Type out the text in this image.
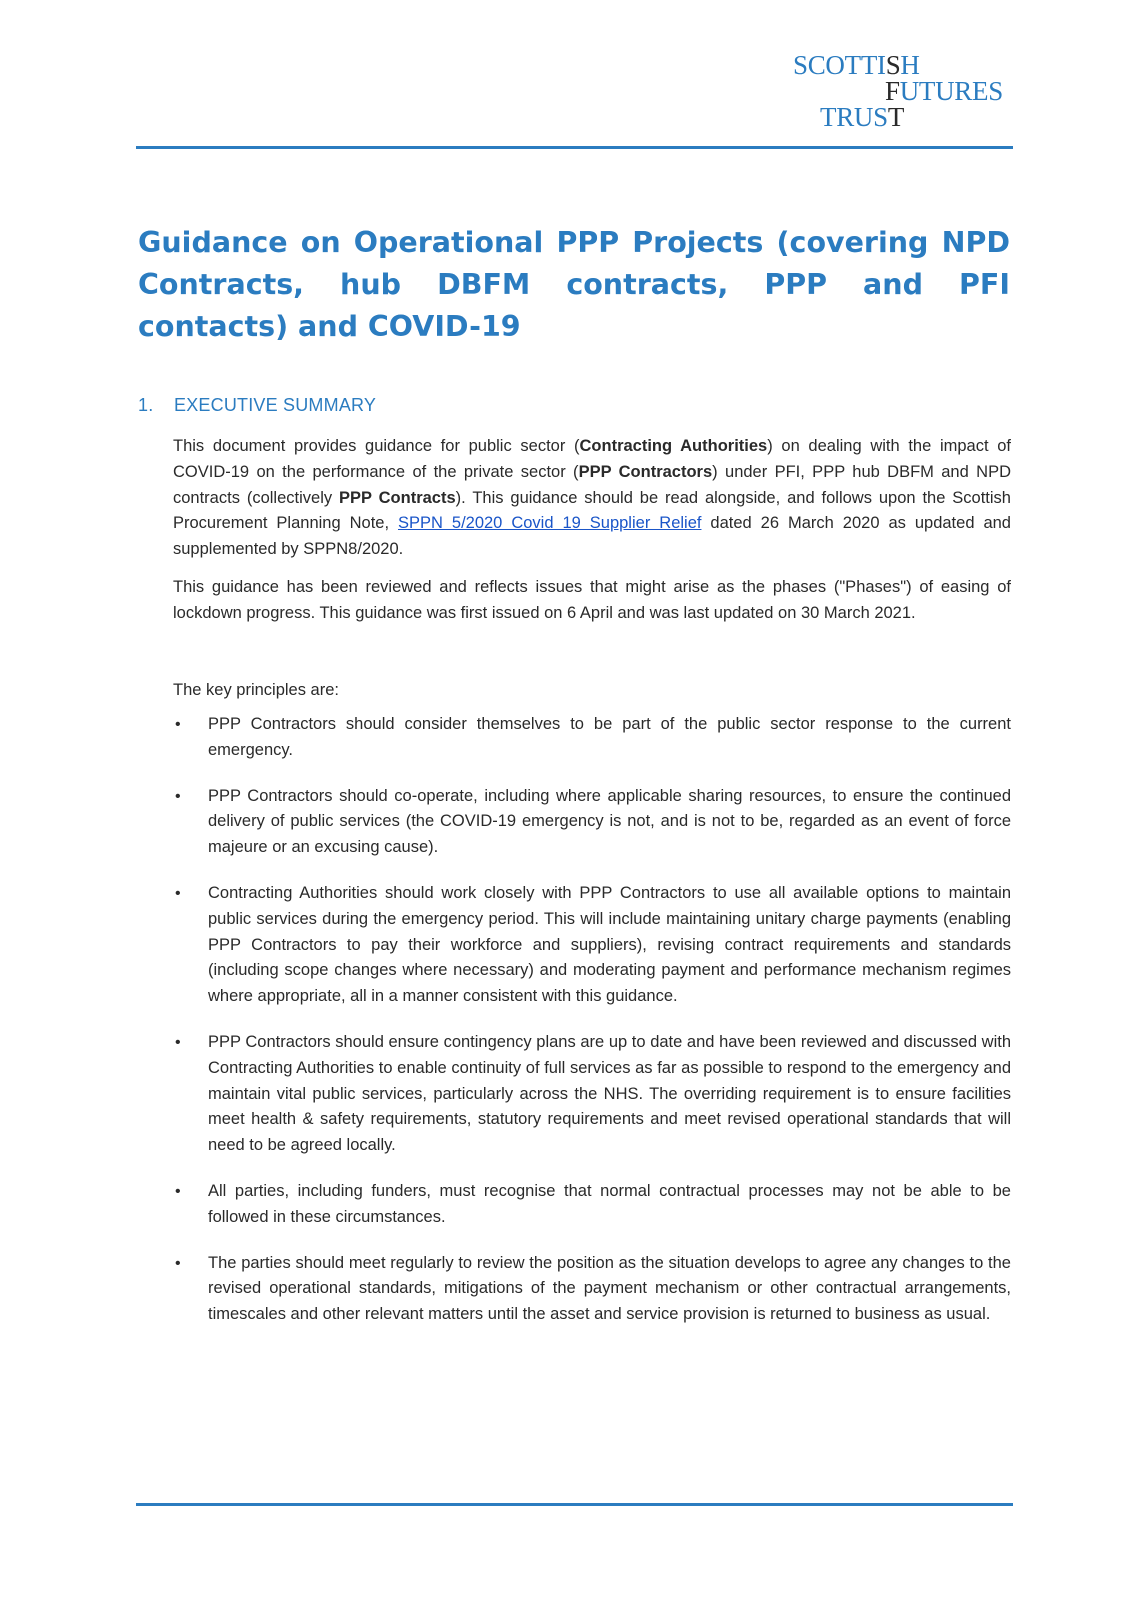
SCOTTISH
FUTURES
TRUST
Guidance on Operational PPP Projects (covering NPD Contracts, hub DBFM contracts, PPP and PFI contacts) and COVID-19
1. EXECUTIVE SUMMARY

This document provides guidance for public sector (Contracting Authorities) on dealing with the impact of COVID-19 on the performance of the private sector (PPP Contractors) under PFI, PPP hub DBFM and NPD contracts (collectively PPP Contracts). This guidance should be read alongside, and follows upon the Scottish Procurement Planning Note, SPPN 5/2020 Covid 19 Supplier Relief dated 26 March 2020 as updated and supplemented by SPPN8/2020.

This guidance has been reviewed and reflects issues that might arise as the phases ("Phases") of easing of lockdown progress. This guidance was first issued on 6 April and was last updated on 30 March 2021.

The key principles are:

• PPP Contractors should consider themselves to be part of the public sector response to the current emergency.
• PPP Contractors should co-operate, including where applicable sharing resources, to ensure the continued delivery of public services (the COVID-19 emergency is not, and is not to be, regarded as an event of force majeure or an excusing cause).
• Contracting Authorities should work closely with PPP Contractors to use all available options to maintain public services during the emergency period. This will include maintaining unitary charge payments (enabling PPP Contractors to pay their workforce and suppliers), revising contract requirements and standards (including scope changes where necessary) and moderating payment and performance mechanism regimes where appropriate, all in a manner consistent with this guidance.
• PPP Contractors should ensure contingency plans are up to date and have been reviewed and discussed with Contracting Authorities to enable continuity of full services as far as possible to respond to the emergency and maintain vital public services, particularly across the NHS. The overriding requirement is to ensure facilities meet health & safety requirements, statutory requirements and meet revised operational standards that will need to be agreed locally.
• All parties, including funders, must recognise that normal contractual processes may not be able to be followed in these circumstances.
• The parties should meet regularly to review the position as the situation develops to agree any changes to the revised operational standards, mitigations of the payment mechanism or other contractual arrangements, timescales and other relevant matters until the asset and service provision is returned to business as usual.
